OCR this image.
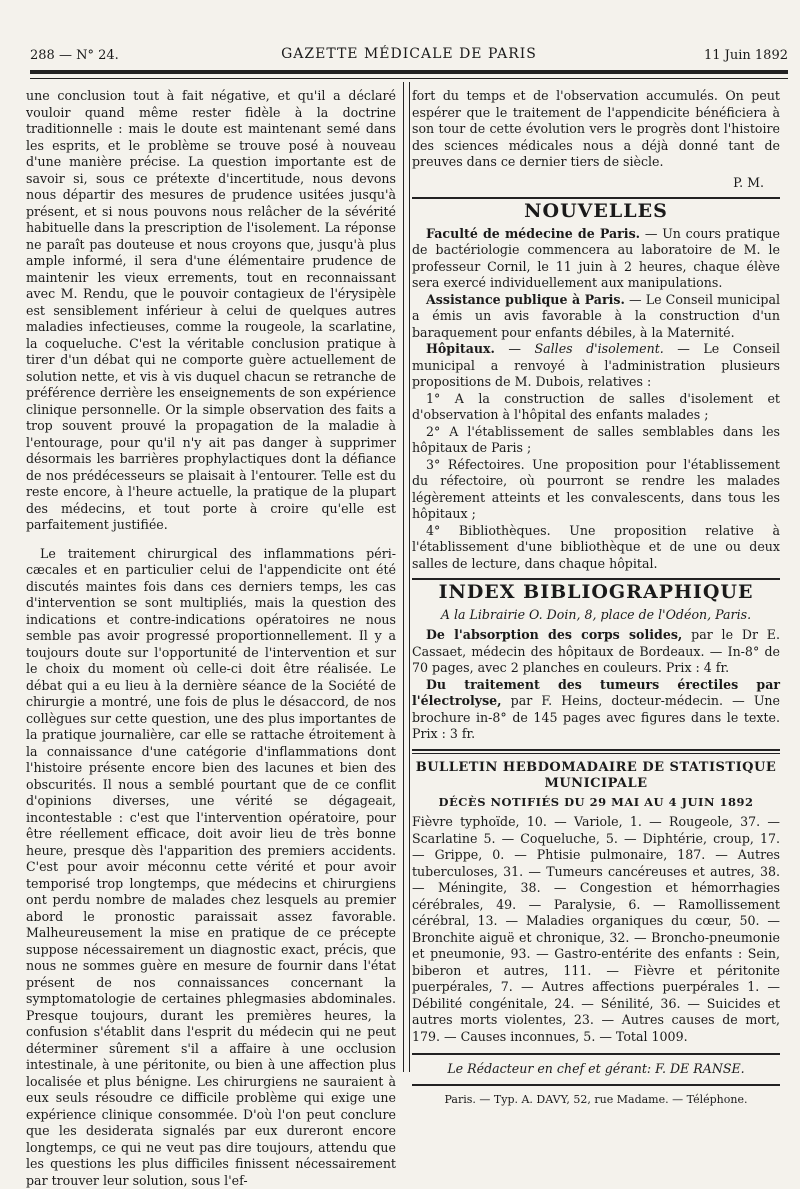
288 — N° 24.	GAZETTE MÉDICALE DE PARIS	11 Juin 1892

une conclusion tout à fait négative, et qu'il a déclaré vouloir quand même rester fidèle à la doctrine traditionnelle : mais le doute est maintenant semé dans les esprits, et le problème se trouve posé à nouveau d'une manière précise. La question importante est de savoir si, sous ce prétexte d'incertitude, nous devons nous départir des mesures de prudence usitées jusqu'à présent, et si nous pouvons nous relâcher de la sévérité habituelle dans la prescription de l'isolement. La réponse ne paraît pas douteuse et nous croyons que, jusqu'à plus ample informé, il sera d'une élémentaire prudence de maintenir les vieux errements, tout en reconnaissant avec M. Rendu, que le pouvoir contagieux de l'érysipèle est sensiblement inférieur à celui de quelques autres maladies infectieuses, comme la rougeole, la scarlatine, la coqueluche. C'est la véritable conclusion pratique à tirer d'un débat qui ne comporte guère actuellement de solution nette, et vis à vis duquel chacun se retranche de préférence derrière les enseignements de son expérience clinique personnelle. Or la simple observation des faits a trop souvent prouvé la propagation de la maladie à l'entourage, pour qu'il n'y ait pas danger à supprimer désormais les barrières prophylactiques dont la défiance de nos prédécesseurs se plaisait à l'entourer. Telle est du reste encore, à l'heure actuelle, la pratique de la plupart des médecins, et tout porte à croire qu'elle est parfaitement justifiée.

Le traitement chirurgical des inflammations péri-cæcales et en particulier celui de l'appendicite ont été discutés maintes fois dans ces derniers temps, les cas d'intervention se sont multipliés, mais la question des indications et contre-indications opératoires ne nous semble pas avoir progressé proportionnellement. Il y a toujours doute sur l'opportunité de l'intervention et sur le choix du moment où celle-ci doit être réalisée. Le débat qui a eu lieu à la dernière séance de la Société de chirurgie a montré, une fois de plus le désaccord, de nos collègues sur cette question, une des plus importantes de la pratique journalière, car elle se rattache étroitement à la connaissance d'une catégorie d'inflammations dont l'histoire présente encore bien des lacunes et bien des obscurités. Il nous a semblé pourtant que de ce conflit d'opinions diverses, une vérité se dégageait, incontestable : c'est que l'intervention opératoire, pour être réellement efficace, doit avoir lieu de très bonne heure, presque dès l'apparition des premiers accidents. C'est pour avoir méconnu cette vérité et pour avoir temporisé trop longtemps, que médecins et chirurgiens ont perdu nombre de malades chez lesquels au premier abord le pronostic paraissait assez favorable. Malheureusement la mise en pratique de ce précepte suppose nécessairement un diagnostic exact, précis, que nous ne sommes guère en mesure de fournir dans l'état présent de nos connaissances concernant la symptomatologie de certaines phlegmasies abdominales. Presque toujours, durant les premières heures, la confusion s'établit dans l'esprit du médecin qui ne peut déterminer sûrement s'il a affaire à une occlusion intestinale, à une péritonite, ou bien à une affection plus localisée et plus bénigne. Les chirurgiens ne sauraient à eux seuls résoudre ce difficile problème qui exige une expérience clinique consommée. D'où l'on peut conclure que les desiderata signalés par eux dureront encore longtemps, ce qui ne veut pas dire toujours, attendu que les questions les plus difficiles finissent nécessairement par trouver leur solution, sous l'ef-

fort du temps et de l'observation accumulés. On peut espérer que le traitement de l'appendicite bénéficiera à son tour de cette évolution vers le progrès dont l'histoire des sciences médicales nous a déjà donné tant de preuves dans ce dernier tiers de siècle.

P. M.
NOUVELLES

Faculté de médecine de Paris. — Un cours pratique de bactériologie commencera au laboratoire de M. le professeur Cornil, le 11 juin à 2 heures, chaque élève sera exercé individuellement aux manipulations.

Assistance publique à Paris. — Le Conseil municipal a émis un avis favorable à la construction d'un baraquement pour enfants débiles, à la Maternité.

Hôpitaux. — Salles d'isolement. — Le Conseil municipal a renvoyé à l'administration plusieurs propositions de M. Dubois, relatives :

1° A la construction de salles d'isolement et d'observation à l'hôpital des enfants malades ;

2° A l'établissement de salles semblables dans les hôpitaux de Paris ;

3° Réfectoires. Une proposition pour l'établissement du réfectoire, où pourront se rendre les malades légèrement atteints et les convalescents, dans tous les hôpitaux ;

4° Bibliothèques. Une proposition relative à l'établissement d'une bibliothèque et de une ou deux salles de lecture, dans chaque hôpital.

INDEX BIBLIOGRAPHIQUE
A la Librairie O. Doin, 8, place de l'Odéon, Paris.

De l'absorption des corps solides, par le Dr E. Cassaet, médecin des hôpitaux de Bordeaux. — In-8° de 70 pages, avec 2 planches en couleurs. Prix : 4 fr.

Du traitement des tumeurs érectiles par l'électrolyse, par F. Heins, docteur-médecin. — Une brochure in-8° de 145 pages avec figures dans le texte. Prix : 3 fr.

BULLETIN HEBDOMADAIRE DE STATISTIQUE MUNICIPALE
DÉCÈS NOTIFIÉS DU 29 MAI AU 4 JUIN 1892

Fièvre typhoïde, 10. — Variole, 1. — Rougeole, 37. — Scarlatine 5. — Coqueluche, 5. — Diphtérie, croup, 17. — Grippe, 0. — Phtisie pulmonaire, 187. — Autres tuberculoses, 31. — Tumeurs cancéreuses et autres, 38. — Méningite, 38. — Congestion et hémorrhagies cérébrales, 49. — Paralysie, 6. — Ramollissement cérébral, 13. — Maladies organiques du cœur, 50. — Bronchite aiguë et chronique, 32. — Broncho-pneumonie et pneumonie, 93. — Gastro-entérite des enfants : Sein, biberon et autres, 111. — Fièvre et péritonite puerpérales, 7. — Autres affections puerpérales 1. — Débilité congénitale, 24. — Sénilité, 36. — Suicides et autres morts violentes, 23. — Autres causes de mort, 179. — Causes inconnues, 5. — Total 1009.

Le Rédacteur en chef et gérant: F. DE RANSE.
Paris. — Typ. A. DAVY, 52, rue Madame. — Téléphone.
